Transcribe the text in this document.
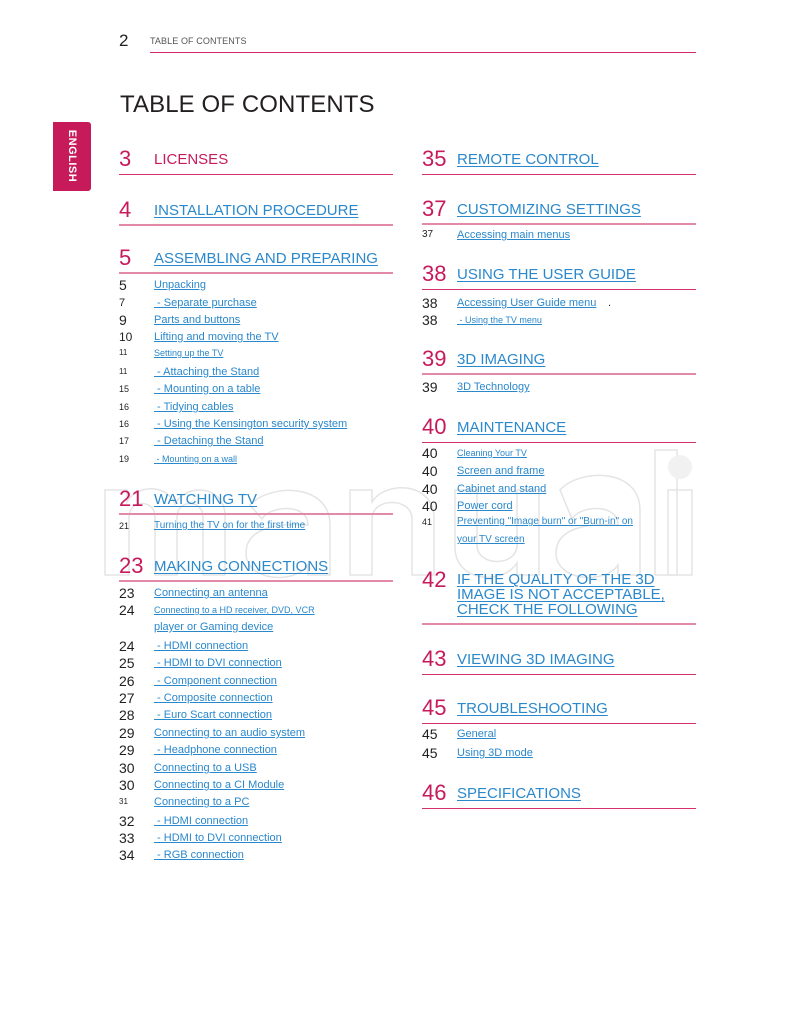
2 TABLE OF CONTENTS
TABLE OF CONTENTS
ENGLISH 3 LICENSES
4 INSTALLATION PROCEDURE
5 ASSEMBLING AND PREPARING
5 Unpacking
7	- Separate purchase
9 Parts and buttons
10 Lifting and moving the TV
11	Setting up the TV
11 - Attaching the Stand
15 - Mounting on a table
16 - Tidying cables
16 - Using the Kensington security system
17 - Detaching the Stand
19	- Mounting on a wall
21 WATCHING TV
21 Turning the TV on for the first time
23 MAKING CONNECTIONS
23 Connecting an antenna
24 Connecting to a HD receiver, DVD, VCR
player or Gaming device
24 - HDMI connection
25 - HDMI to DVI connection
26 - Component connection
27 - Composite connection
28 - Euro Scart connection
29 Connecting to an audio system
29 - Headphone connection
30 Connecting to a USB
30 Connecting to a CI Module
31 Connecting to a PC
32 - HDMI connection
33 - HDMI to DVI connection
34 - RGB connection
35 REMOTE CONTROL
37 CUSTOMIZING SETTINGS
37 Accessing main menus
38 USING THE USER GUIDE
38 Accessing User Guide menu .
38 - Using the TV menu
39 3D IMAGING
39 3D Technology
40 MAINTENANCE
40 Cleaning Your TV
40 Screen and frame
40 Cabinet and stand
40 Power cord
41 Preventing "Image burn" or "Burn-in" on
your TV screen
42 IF THE QUALITY OF THE 3D
IMAGE IS NOT ACCEPTABLE,
CHECK THE FOLLOWING
43 VIEWING 3D IMAGING
45 TROUBLESHOOTING
45 General
45 Using 3D mode
46 SPECIFICATIONS
